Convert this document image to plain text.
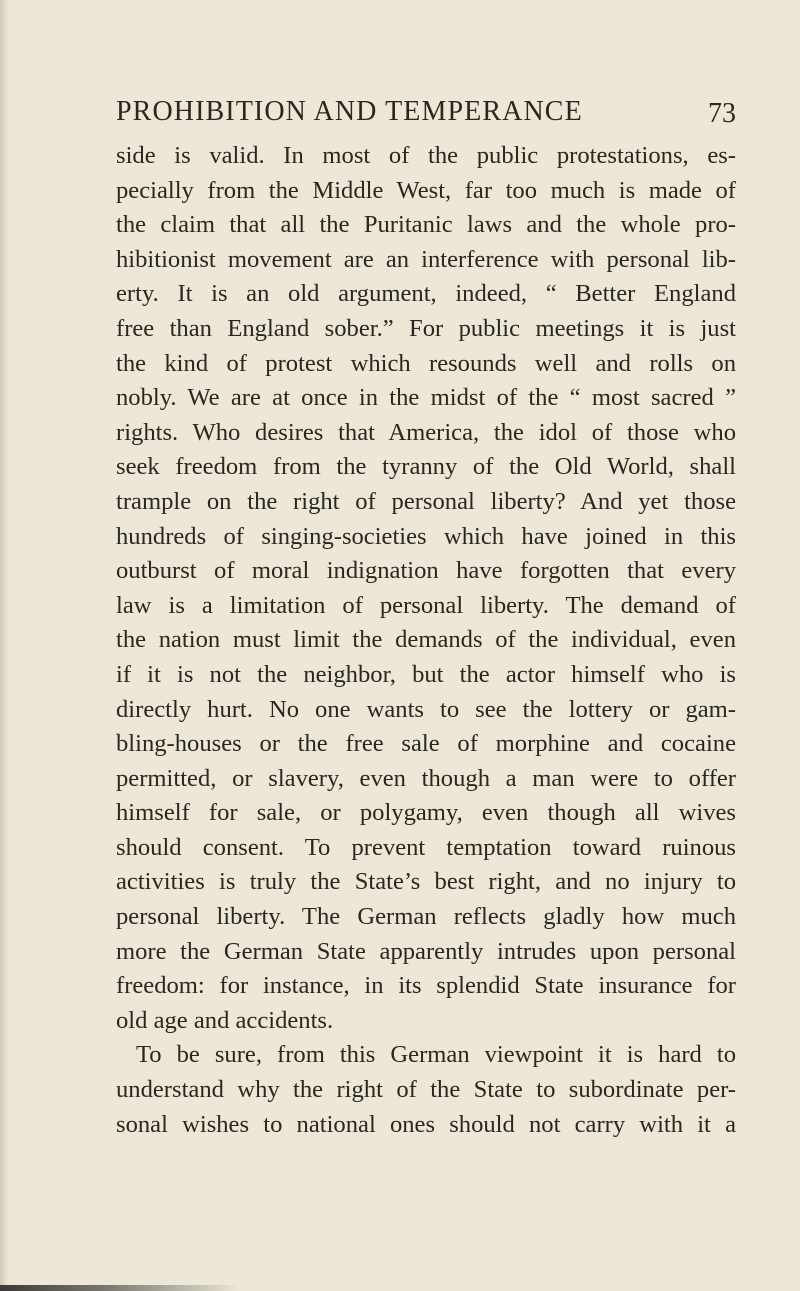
PROHIBITION AND TEMPERANCE	73
side is valid. In most of the public protestations, es-
pecially from the Middle West, far too much is made of
the claim that all the Puritanic laws and the whole pro-
hibitionist movement are an interference with personal lib-
erty. It is an old argument, indeed, “ Better England
free than England sober.” For public meetings it is just
the kind of protest which resounds well and rolls on
nobly. We are at once in the midst of the “ most sacred ”
rights. Who desires that America, the idol of those who
seek freedom from the tyranny of the Old World, shall
trample on the right of personal liberty? And yet those
hundreds of singing-societies which have joined in this
outburst of moral indignation have forgotten that every
law is a limitation of personal liberty. The demand of
the nation must limit the demands of the individual, even
if it is not the neighbor, but the actor himself who is
directly hurt. No one wants to see the lottery or gam-
bling-houses or the free sale of morphine and cocaine
permitted, or slavery, even though a man were to offer
himself for sale, or polygamy, even though all wives
should consent. To prevent temptation toward ruinous
activities is truly the State’s best right, and no injury to
personal liberty. The German reflects gladly how much
more the German State apparently intrudes upon personal
freedom: for instance, in its splendid State insurance for
old age and accidents.
To be sure, from this German viewpoint it is hard to
understand why the right of the State to subordinate per-
sonal wishes to national ones should not carry with it a
